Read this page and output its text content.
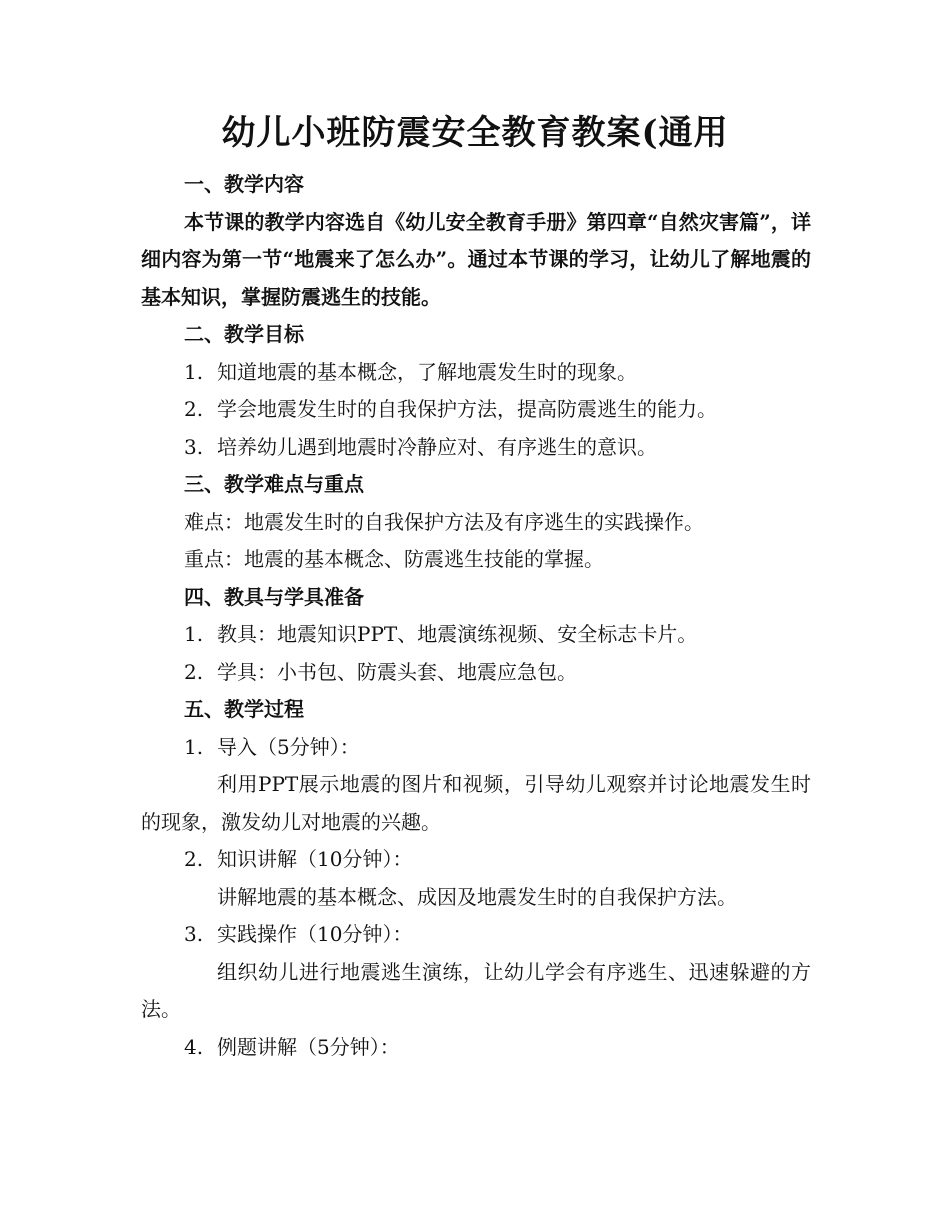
幼儿小班防震安全教育教案(通用
一、教学内容
本节课的教学内容选自《幼儿安全教育手册》第四章“自然灾害篇”，详细内容为第一节“地震来了怎么办”。通过本节课的学习，让幼儿了解地震的基本知识，掌握防震逃生的技能。
二、教学目标
1. 知道地震的基本概念，了解地震发生时的现象。
2. 学会地震发生时的自我保护方法，提高防震逃生的能力。
3. 培养幼儿遇到地震时冷静应对、有序逃生的意识。
三、教学难点与重点
难点：地震发生时的自我保护方法及有序逃生的实践操作。
重点：地震的基本概念、防震逃生技能的掌握。
四、教具与学具准备
1. 教具：地震知识PPT、地震演练视频、安全标志卡片。
2. 学具：小书包、防震头套、地震应急包。
五、教学过程
1. 导入（5分钟）：
利用PPT展示地震的图片和视频，引导幼儿观察并讨论地震发生时的现象，激发幼儿对地震的兴趣。
2. 知识讲解（10分钟）：
讲解地震的基本概念、成因及地震发生时的自我保护方法。
3. 实践操作（10分钟）：
组织幼儿进行地震逃生演练，让幼儿学会有序逃生、迅速躲避的方法。
4. 例题讲解（5分钟）：
